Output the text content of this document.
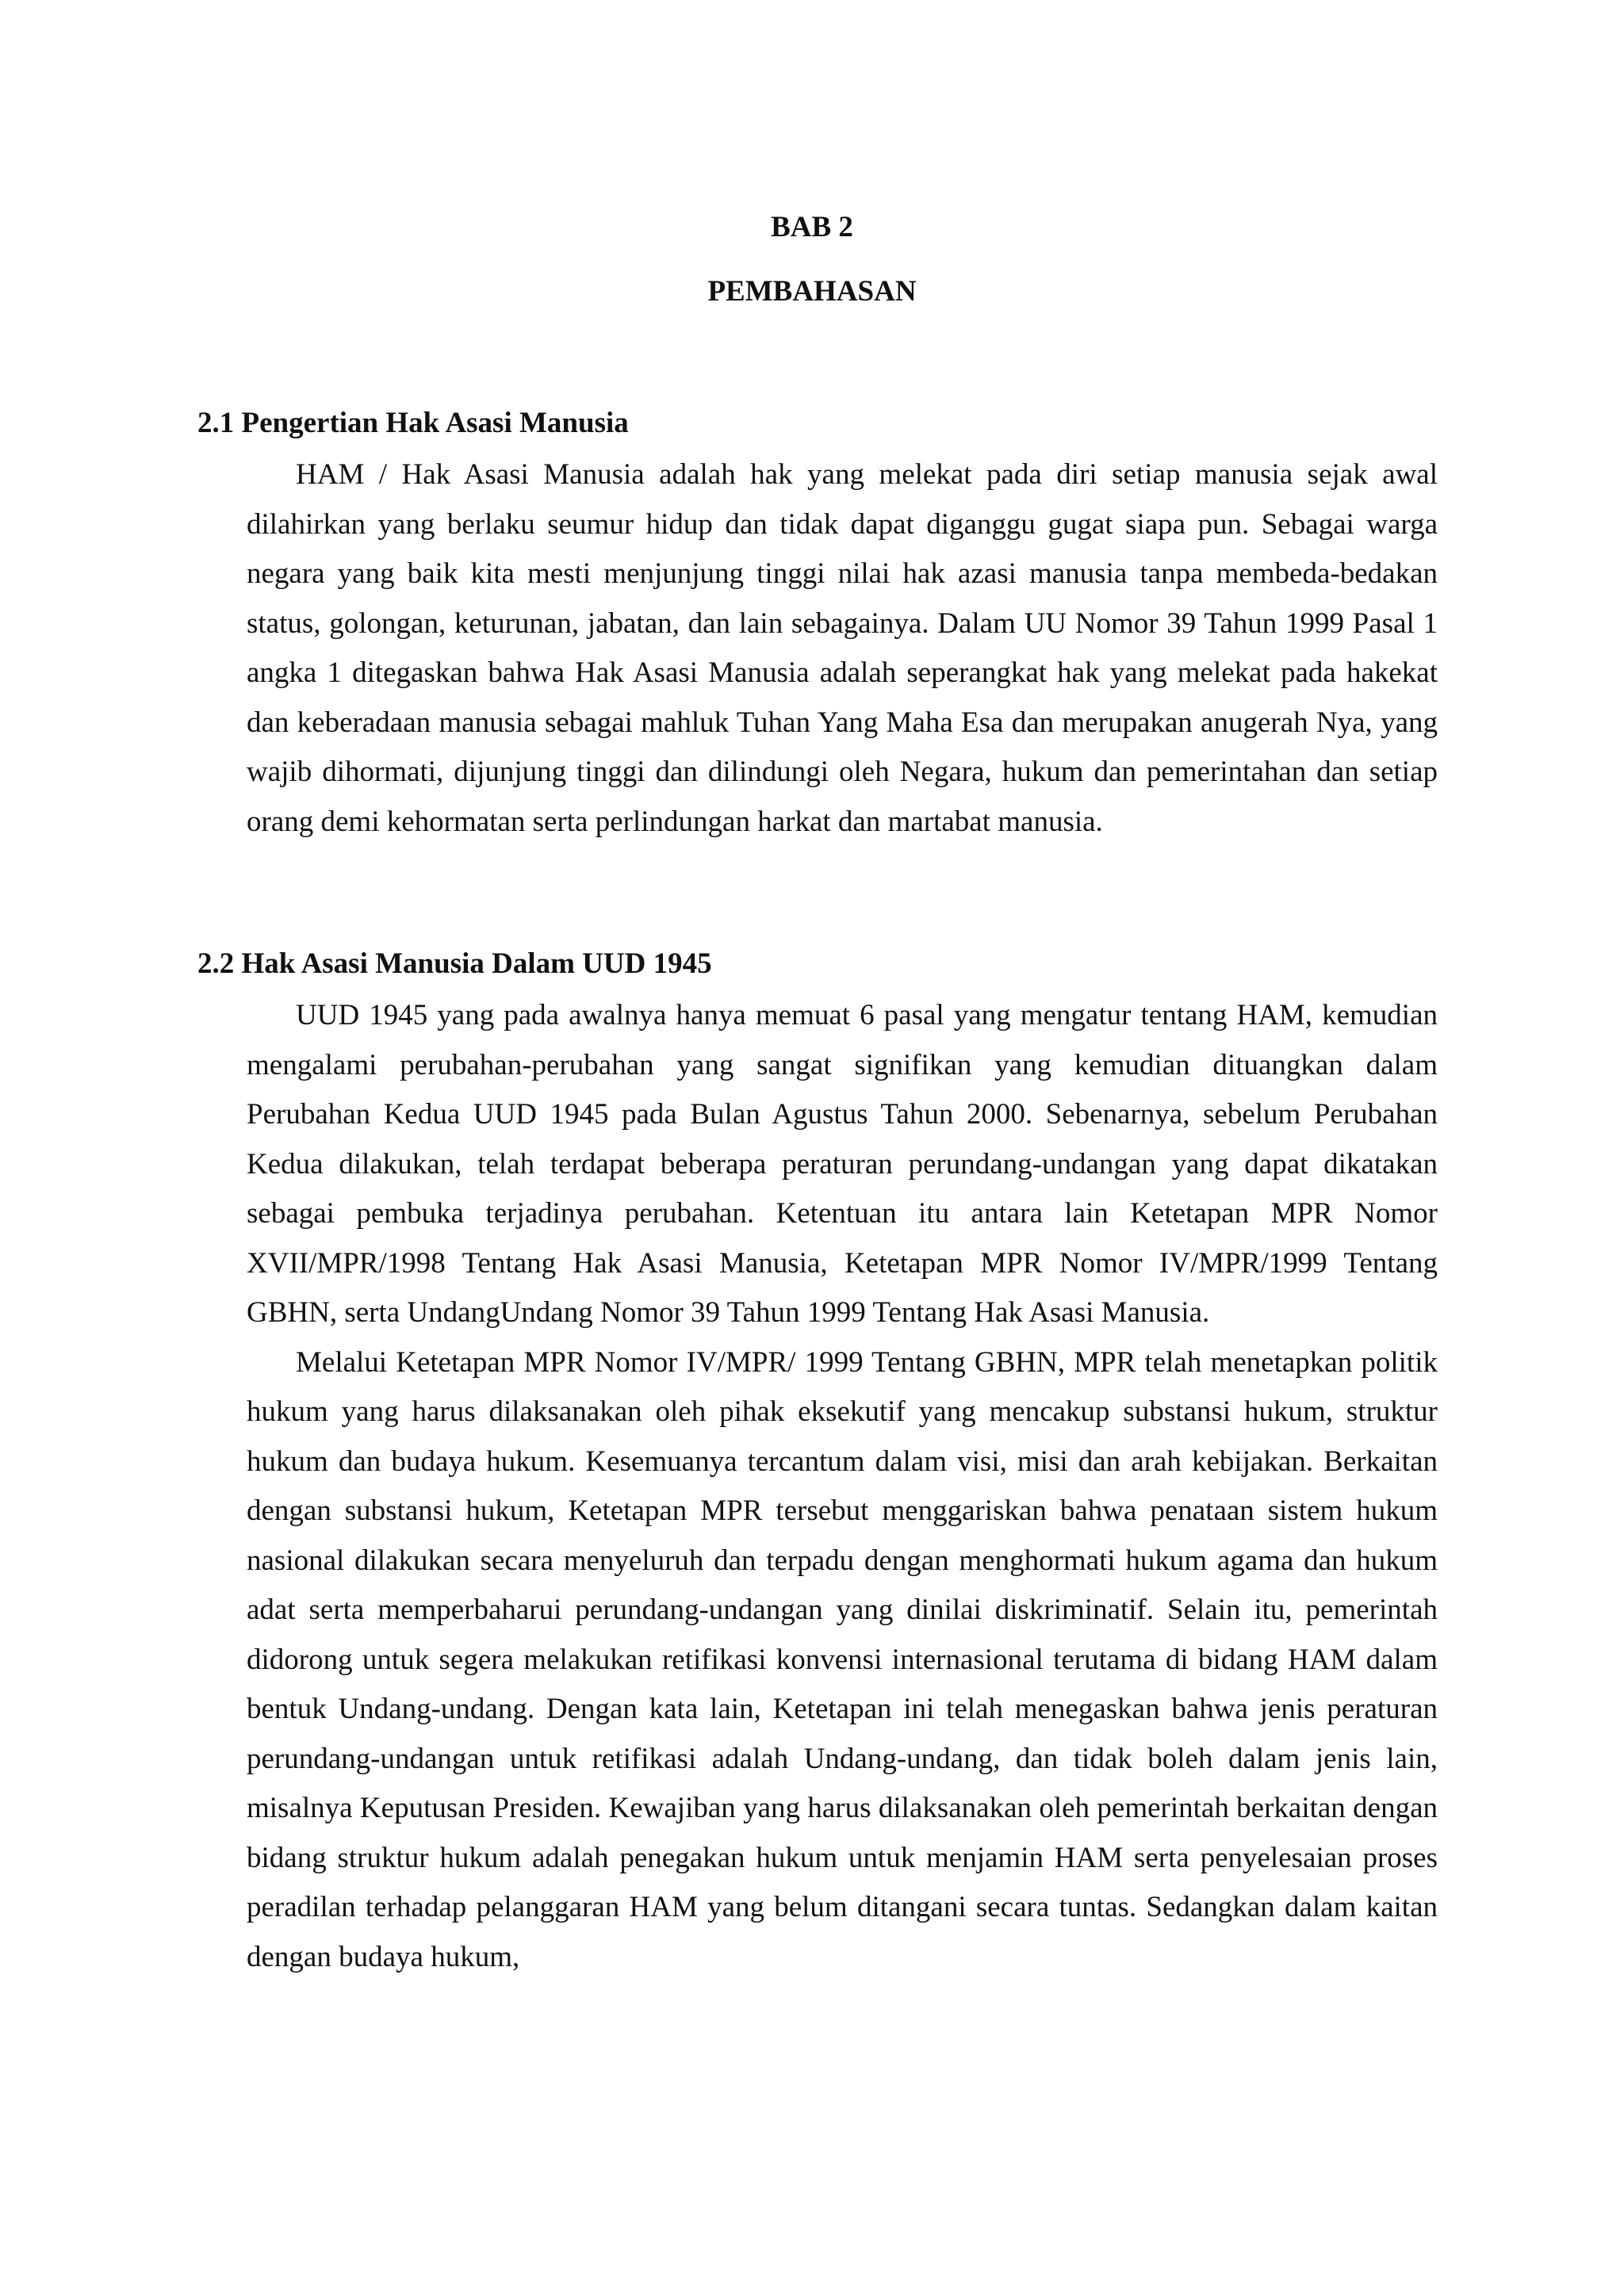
BAB 2
PEMBAHASAN
2.1 Pengertian Hak Asasi Manusia

HAM / Hak Asasi Manusia adalah hak yang melekat pada diri setiap manusia sejak awal dilahirkan yang berlaku seumur hidup dan tidak dapat diganggu gugat siapa pun. Sebagai warga negara yang baik kita mesti menjunjung tinggi nilai hak azasi manusia tanpa membeda-bedakan status, golongan, keturunan, jabatan, dan lain sebagainya. Dalam UU Nomor 39 Tahun 1999 Pasal 1 angka 1 ditegaskan bahwa Hak Asasi Manusia adalah seperangkat hak yang melekat pada hakekat dan keberadaan manusia sebagai mahluk Tuhan Yang Maha Esa dan merupakan anugerah Nya, yang wajib dihormati, dijunjung tinggi dan dilindungi oleh Negara, hukum dan pemerintahan dan setiap orang demi kehormatan serta perlindungan harkat dan martabat manusia.

2.2 Hak Asasi Manusia Dalam UUD 1945

UUD 1945 yang pada awalnya hanya memuat 6 pasal yang mengatur tentang HAM, kemudian mengalami perubahan-perubahan yang sangat signifikan yang kemudian dituangkan dalam Perubahan Kedua UUD 1945 pada Bulan Agustus Tahun 2000. Sebenarnya, sebelum Perubahan Kedua dilakukan, telah terdapat beberapa peraturan perundang-undangan yang dapat dikatakan sebagai pembuka terjadinya perubahan. Ketentuan itu antara lain Ketetapan MPR Nomor XVII/MPR/1998 Tentang Hak Asasi Manusia, Ketetapan MPR Nomor IV/MPR/1999 Tentang GBHN, serta UndangUndang Nomor 39 Tahun 1999 Tentang Hak Asasi Manusia.

Melalui Ketetapan MPR Nomor IV/MPR/ 1999 Tentang GBHN, MPR telah menetapkan politik hukum yang harus dilaksanakan oleh pihak eksekutif yang mencakup substansi hukum, struktur hukum dan budaya hukum. Kesemuanya tercantum dalam visi, misi dan arah kebijakan. Berkaitan dengan substansi hukum, Ketetapan MPR tersebut menggariskan bahwa penataan sistem hukum nasional dilakukan secara menyeluruh dan terpadu dengan menghormati hukum agama dan hukum adat serta memperbaharui perundang-undangan yang dinilai diskriminatif. Selain itu, pemerintah didorong untuk segera melakukan retifikasi konvensi internasional terutama di bidang HAM dalam bentuk Undang-undang. Dengan kata lain, Ketetapan ini telah menegaskan bahwa jenis peraturan perundang-undangan untuk retifikasi adalah Undang-undang, dan tidak boleh dalam jenis lain, misalnya Keputusan Presiden. Kewajiban yang harus dilaksanakan oleh pemerintah berkaitan dengan bidang struktur hukum adalah penegakan hukum untuk menjamin HAM serta penyelesaian proses peradilan terhadap pelanggaran HAM yang belum ditangani secara tuntas. Sedangkan dalam kaitan dengan budaya hukum,
